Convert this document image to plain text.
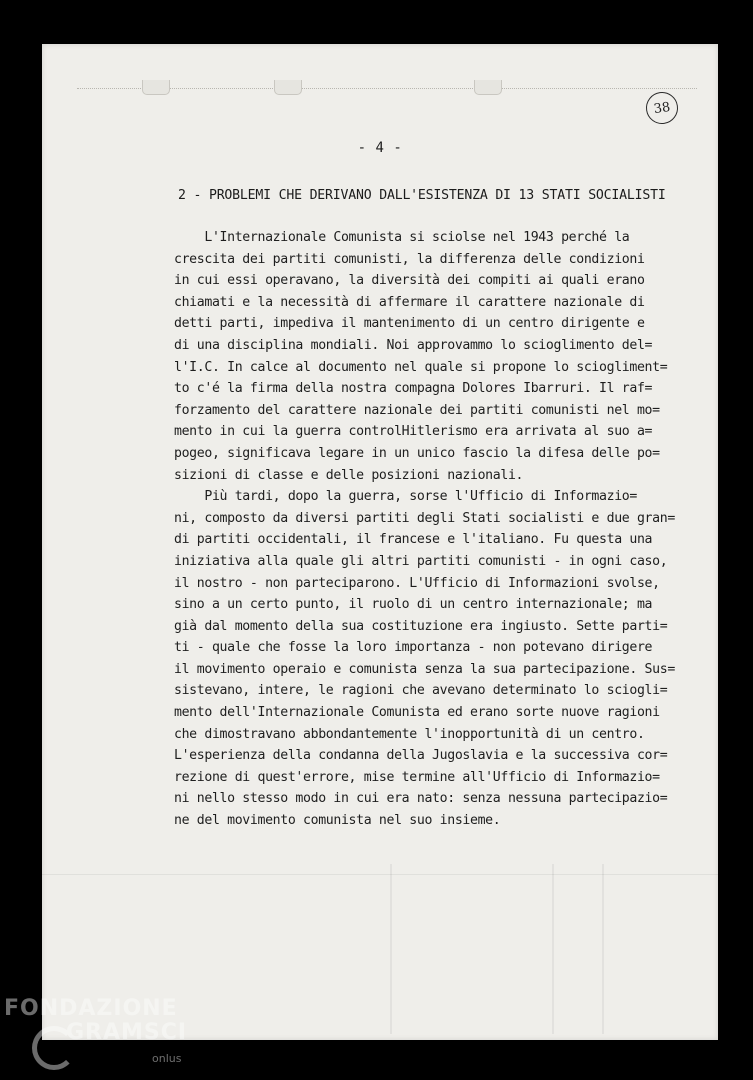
38
- 4 -
2 - PROBLEMI CHE DERIVANO DALL'ESISTENZA DI 13 STATI SOCIALISTI
L'Internazionale Comunista si sciolse nel 1943 perché la
crescita dei partiti comunisti, la differenza delle condizioni
in cui essi operavano, la diversità dei compiti ai quali erano
chiamati e la necessità di affermare il carattere nazionale di
detti parti, impediva il mantenimento di un centro dirigente e
di una disciplina mondiali. Noi approvammo lo scioglimento del=
l'I.C. In calce al documento nel quale si propone lo sciogliment=
to c'é la firma della nostra compagna Dolores Ibarruri. Il raf=
forzamento del carattere nazionale dei partiti comunisti nel mo=
mento in cui la guerra controlHitlerismo era arrivata al suo a=
pogeo, significava legare in un unico fascio la difesa delle po=
sizioni di classe e delle posizioni nazionali.
Più tardi, dopo la guerra, sorse l'Ufficio di Informazio=
ni, composto da diversi partiti degli Stati socialisti e due gran=
di partiti occidentali, il francese e l'italiano. Fu questa una
iniziativa alla quale gli altri partiti comunisti - in ogni caso,
il nostro - non parteciparono. L'Ufficio di Informazioni svolse,
sino a un certo punto, il ruolo di un centro internazionale; ma
già dal momento della sua costituzione era ingiusto. Sette parti=
ti - quale che fosse la loro importanza - non potevano dirigere
il movimento operaio e comunista senza la sua partecipazione. Sus=
sistevano, intere, le ragioni che avevano determinato lo sciogli=
mento dell'Internazionale Comunista ed erano sorte nuove ragioni
che dimostravano abbondantemente l'inopportunità di un centro.
L'esperienza della condanna della Jugoslavia e la successiva cor=
rezione di quest'errore, mise termine all'Ufficio di Informazio=
ni nello stesso modo in cui era nato: senza nessuna partecipazio=
ne del movimento comunista nel suo insieme.
FONDAZIONE
GRAMSCI
onlus
